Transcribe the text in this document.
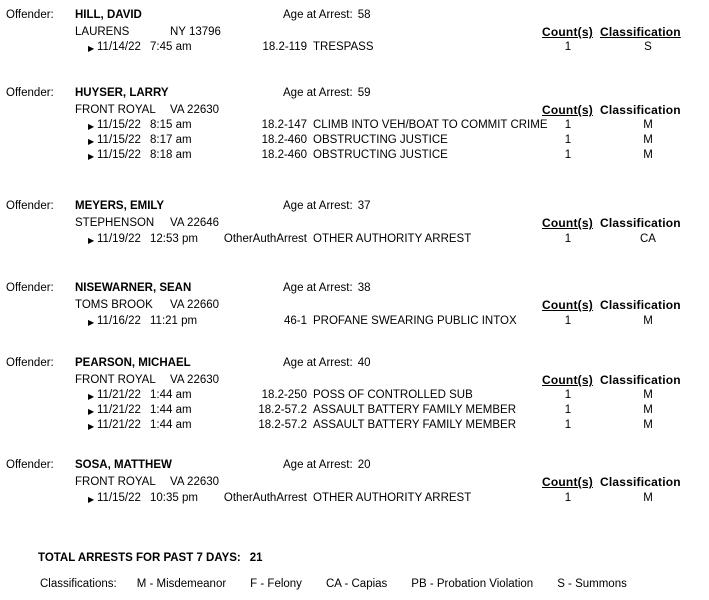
Offender: HILL, DAVID	Age at Arrest: 58
LAURENS	NY 13796	Count(s) Classification
▶ 11/14/22 7:45 am	18.2-119 TRESPASS	1	S
Offender: HUYSER, LARRY	Age at Arrest: 59
FRONT ROYAL VA 22630	Count(s) Classification
▶ 11/15/22 8:15 am	18.2-147 CLIMB INTO VEH/BOAT TO COMMIT CRIME	1	M
▶ 11/15/22 8:17 am	18.2-460 OBSTRUCTING JUSTICE	1	M
▶ 11/15/22 8:18 am	18.2-460 OBSTRUCTING JUSTICE	1	M
Offender: MEYERS, EMILY	Age at Arrest: 37
STEPHENSON VA 22646	Count(s) Classification
▶ 11/19/22 12:53 pm	OtherAuthArrest OTHER AUTHORITY ARREST	1	CA
Offender: NISEWARNER, SEAN	Age at Arrest: 38
TOMS BROOK VA 22660	Count(s) Classification
▶ 11/16/22 11:21 pm	46-1 PROFANE SWEARING PUBLIC INTOX	1	M
Offender: PEARSON, MICHAEL	Age at Arrest: 40
FRONT ROYAL VA 22630	Count(s) Classification
▶ 11/21/22 1:44 am	18.2-250 POSS OF CONTROLLED SUB	1	M
▶ 11/21/22 1:44 am	18.2-57.2 ASSAULT BATTERY FAMILY MEMBER	1	M
▶ 11/21/22 1:44 am	18.2-57.2 ASSAULT BATTERY FAMILY MEMBER	1	M
Offender: SOSA, MATTHEW	Age at Arrest: 20
FRONT ROYAL VA 22630	Count(s) Classification
▶ 11/15/22 10:35 pm	OtherAuthArrest OTHER AUTHORITY ARREST	1	M
TOTAL ARRESTS FOR PAST 7 DAYS: 21
Classifications: M - Misdemeanor F - Felony CA - Capias PB - Probation Violation S - Summons
